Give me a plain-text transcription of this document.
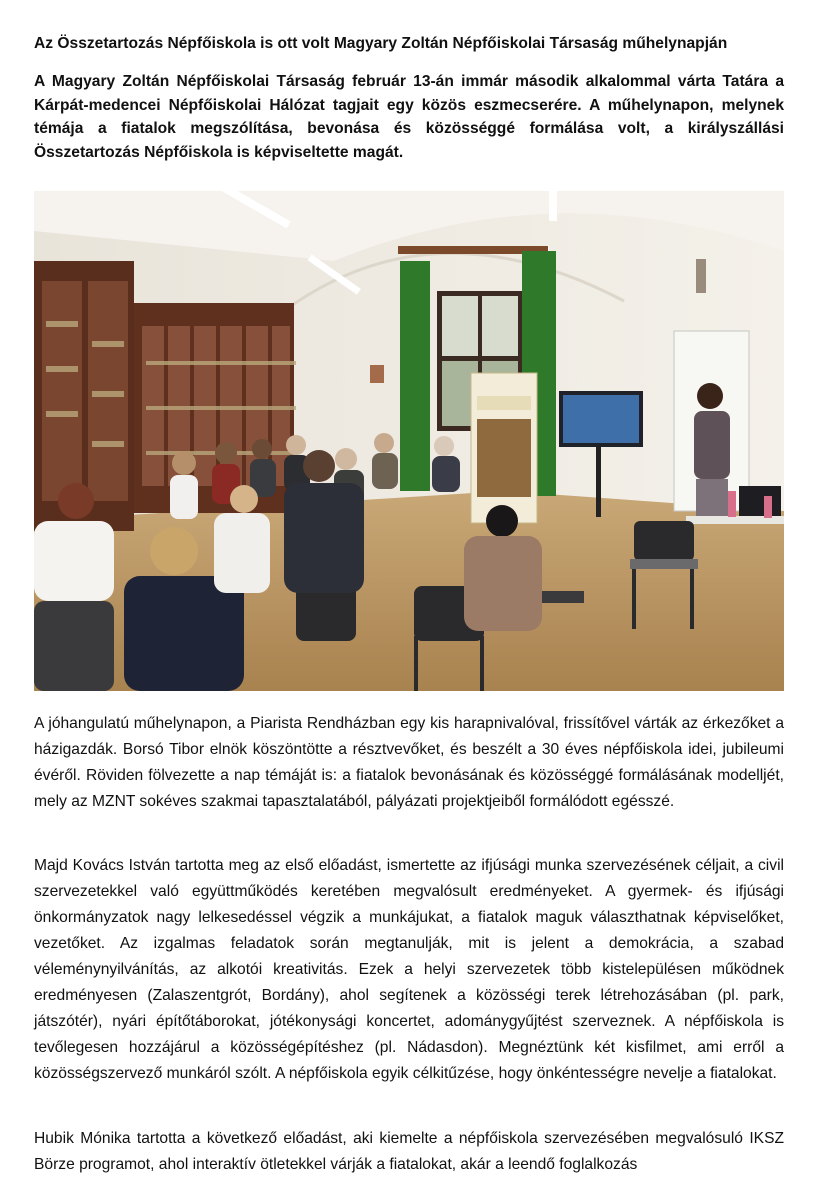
Az Összetartozás Népfőiskola is ott volt Magyary Zoltán Népfőiskolai Társaság műhelynapján

A Magyary Zoltán Népfőiskolai Társaság február 13-án immár második alkalommal várta Tatára a Kárpát-medencei Népfőiskolai Hálózat tagjait egy közös eszmecserére. A műhelynapon, melynek témája a fiatalok megszólítása, bevonása és közösséggé formálása volt, a királyszállási Összetartozás Népfőiskola is képviseltette magát.

A jóhangulatú műhelynapon, a Piarista Rendházban egy kis harapnivalóval, frissítővel várták az érkezőket a házigazdák. Borsó Tibor elnök köszöntötte a résztvevőket, és beszélt a 30 éves népfőiskola idei, jubileumi évéről. Röviden fölvezette a nap témáját is: a fiatalok bevonásának és közösséggé formálásának modelljét, mely az MZNT sokéves szakmai tapasztalatából, pályázati projektjeiből formálódott egésszé.

Majd Kovács István tartotta meg az első előadást, ismertette az ifjúsági munka szervezésének céljait, a civil szervezetekkel való együttműködés keretében megvalósult eredményeket. A gyermek- és ifjúsági önkormányzatok nagy lelkesedéssel végzik a munkájukat, a fiatalok maguk választhatnak képviselőket, vezetőket. Az izgalmas feladatok során megtanulják, mit is jelent a demokrácia, a szabad véleménynyilvánítás, az alkotói kreativitás. Ezek a helyi szervezetek több kistelepülésen működnek eredményesen (Zalaszentgrót, Bordány), ahol segítenek a közösségi terek létrehozásában (pl. park, játszótér), nyári építőtáborokat, jótékonysági koncertet, adománygyűjtést szerveznek. A népfőiskola is tevőlegesen hozzájárul a közösségépítéshez (pl. Nádasdon). Megnéztünk két kisfilmet, ami erről a közösségszervező munkáról szólt. A népfőiskola egyik célkitűzése, hogy önkéntességre nevelje a fiatalokat.

Hubik Mónika tartotta a következő előadást, aki kiemelte a népfőiskola szervezésében megvalósuló IKSZ Börze programot, ahol interaktív ötletekkel várják a fiatalokat, akár a leendő foglalkozás
